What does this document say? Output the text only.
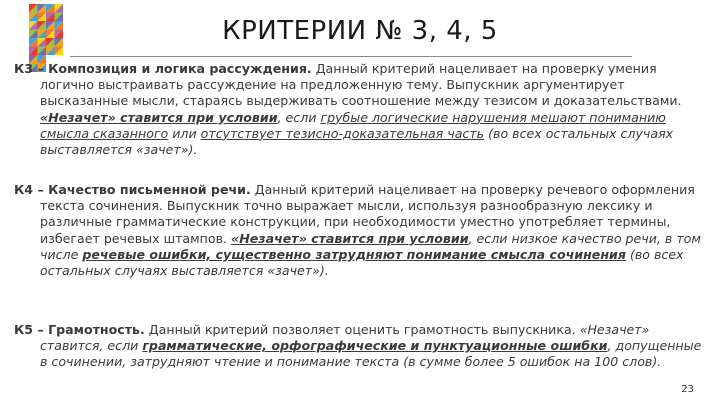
КРИТЕРИИ № 3, 4, 5

К3 – Композиция и логика рассуждения. Данный критерий нацеливает на проверку умения логично выстраивать рассуждение на предложенную тему. Выпускник аргументирует высказанные мысли, стараясь выдерживать соотношение между тезисом и доказательствами. «Незачет» ставится при условии, если грубые логические нарушения мешают пониманию смысла сказанного или отсутствует тезисно-доказательная часть (во всех остальных случаях выставляется «зачет»).

К4 – Качество письменной речи. Данный критерий нацеливает на проверку речевого оформления текста сочинения. Выпускник точно выражает мысли, используя разнообразную лексику и различные грамматические конструкции, при необходимости уместно употребляет термины, избегает речевых штампов. «Незачет» ставится при условии, если низкое качество речи, в том числе речевые ошибки, существенно затрудняют понимание смысла сочинения (во всех остальных случаях выставляется «зачет»).

К5 – Грамотность. Данный критерий позволяет оценить грамотность выпускника. «Незачет» ставится, если грамматические, орфографические и пунктуационные ошибки, допущенные в сочинении, затрудняют чтение и понимание текста (в сумме более 5 ошибок на 100 слов).

23
